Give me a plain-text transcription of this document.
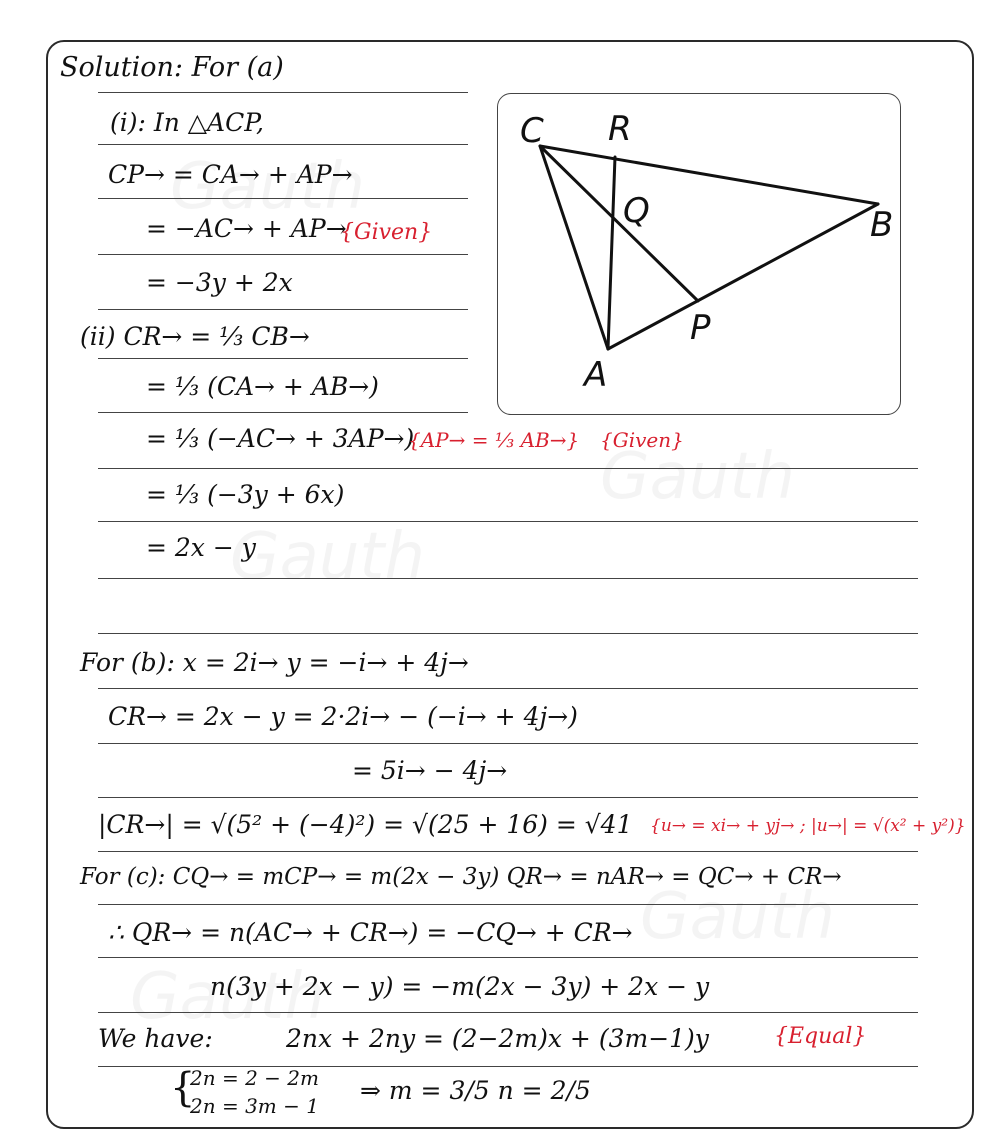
Solution: For (a)
(i): In △ACP,
CP→ = CA→ + AP→
= −AC→ + AP→
{Given}
= −3y + 2x
(ii) CR→ = ⅓ CB→
= ⅓ (CA→ + AB→)
= ⅓ (−AC→ + 3AP→)
{AP→ = ⅓ AB→} {Given}
= ⅓ (−3y + 6x)
= 2x − y
C R
Q	B
P
A
For (b): x = 2i→ y = −i→ + 4j→
CR→ = 2x − y = 2·2i→ − (−i→ + 4j→)
= 5i→ − 4j→
|CR→| = √(5² + (−4)²) = √(25 + 16) = √41 {u→ = xi→ + yj→ ; |u→| = √(x² + y²)}
For (c): CQ→ = mCP→ = m(2x − 3y) QR→ = nAR→ = QC→ + CR→
∴ QR→ = n(AC→ + CR→) = −CQ→ + CR→
n(3y + 2x − y) = −m(2x − 3y) + 2x − y
We have:	2nx + 2ny = (2−2m)x + (3m−1)y	{Equal}
{
2n = 2 − 2m
2n = 3m − 1
⇒ m = 3/5 n = 2/5
